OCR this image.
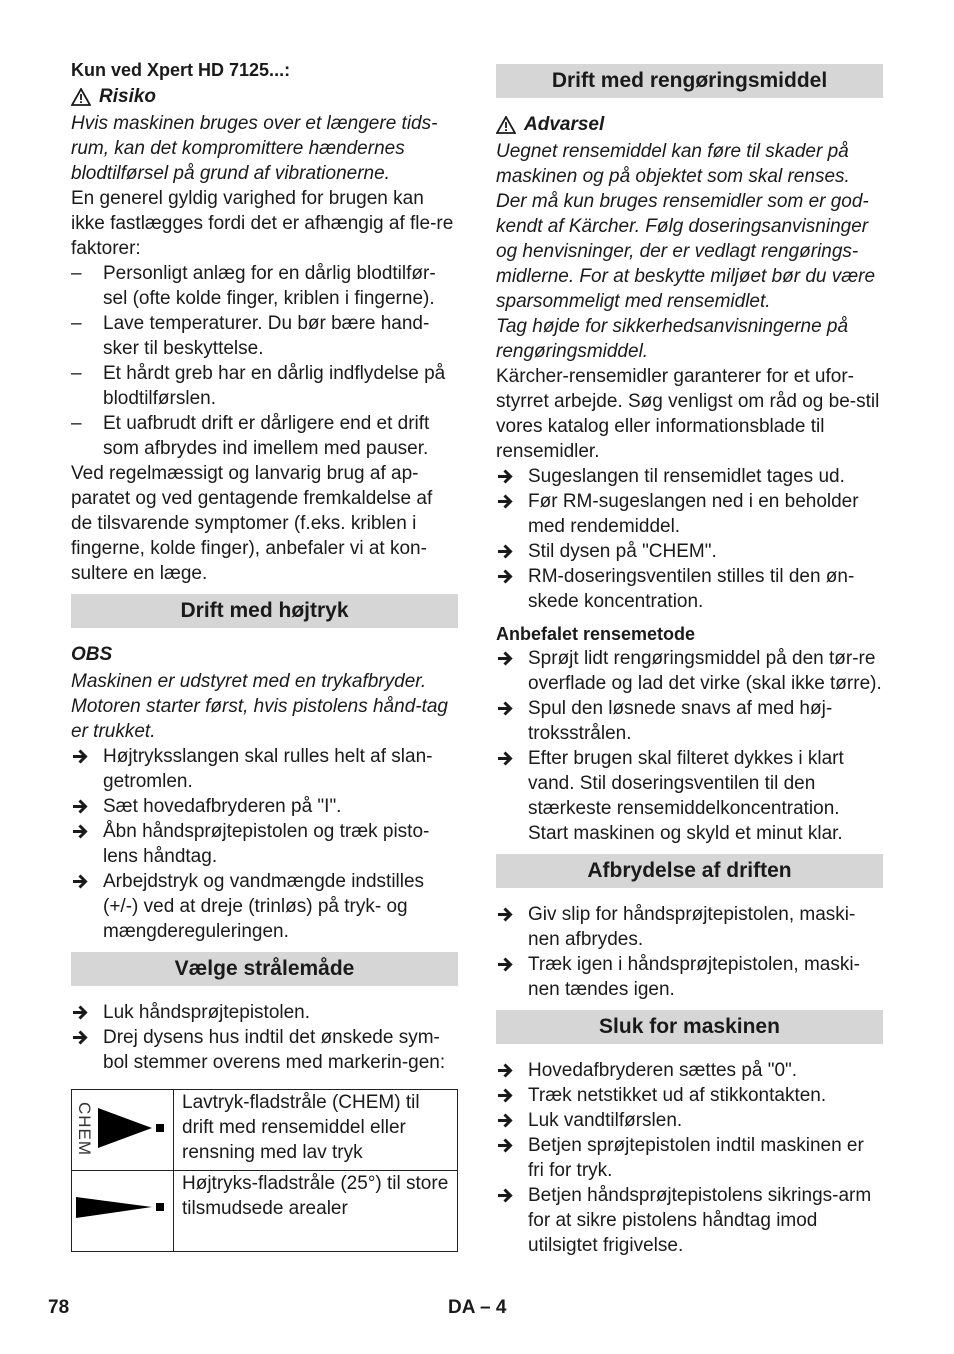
Kun ved Xpert HD 7125...:
Risiko

Hvis maskinen bruges over et længere tids-rum, kan det kompromittere hændernes blodtilførsel på grund af vibrationerne.

En generel gyldig varighed for brugen kan ikke fastlægges fordi det er afhængig af fle-re faktorer:

–	Personligt anlæg for en dårlig blodtilfør-sel (ofte kolde finger, kriblen i fingerne).
–	Lave temperaturer. Du bør bære hand-sker til beskyttelse.
–	Et hårdt greb har en dårlig indflydelse på blodtilførslen.
–	Et uafbrudt drift er dårligere end et drift som afbrydes ind imellem med pauser.

Ved regelmæssigt og lanvarig brug af ap-paratet og ved gentagende fremkaldelse af de tilsvarende symptomer (f.eks. kriblen i fingerne, kolde finger), anbefaler vi at kon-sultere en læge.

Drift med højtryk
OBS

Maskinen er udstyret med en trykafbryder. Motoren starter først, hvis pistolens hånd-tag er trukket.

Højtryksslangen skal rulles helt af slan-getromlen.
Sæt hovedafbryderen på "I".
Åbn håndsprøjtepistolen og træk pisto-lens håndtag.
Arbejdstryk og vandmængde indstilles (+/-) ved at dreje (trinløs) på tryk- og mængdereguleringen.
Vælge strålemåde
Luk håndsprøjtepistolen.
Drej dysens hus indtil det ønskede sym-bol stemmer overens med markerin-gen:
CHEM	Lavtryk-fladstråle (CHEM) til drift med rensemiddel eller rensning med lav tryk

	Højtryks-fladstråle (25°) til store tilsmudsede arealer
Drift med rengøringsmiddel
Advarsel

Uegnet rensemiddel kan føre til skader på maskinen og på objektet som skal renses. Der må kun bruges rensemidler som er god-kendt af Kärcher. Følg doseringsanvisninger og henvisninger, der er vedlagt rengørings-midlerne. For at beskytte miljøet bør du være sparsommeligt med rensemidlet.

Tag højde for sikkerhedsanvisningerne på rengøringsmiddel.

Kärcher-rensemidler garanterer for et ufor-styrret arbejde. Søg venligst om råd og be-stil vores katalog eller informationsblade til rensemidler.

Sugeslangen til rensemidlet tages ud.
Før RM-sugeslangen ned i en beholder med rendemiddel.
Stil dysen på "CHEM".
RM-doseringsventilen stilles til den øn-skede koncentration.
Anbefalet rensemetode
Sprøjt lidt rengøringsmiddel på den tør-re overflade og lad det virke (skal ikke tørre).
Spul den løsnede snavs af med høj-troksstrålen.
Efter brugen skal filteret dykkes i klart vand. Stil doseringsventilen til den stærkeste rensemiddelkoncentration. Start maskinen og skyld et minut klar.
Afbrydelse af driften
Giv slip for håndsprøjtepistolen, maski-nen afbrydes.
Træk igen i håndsprøjtepistolen, maski-nen tændes igen.
Sluk for maskinen
Hovedafbryderen sættes på "0".
Træk netstikket ud af stikkontakten.
Luk vandtilførslen.
Betjen sprøjtepistolen indtil maskinen er fri for tryk.
Betjen håndsprøjtepistolens sikrings-arm for at sikre pistolens håndtag imod utilsigtet frigivelse.
78	DA – 4
